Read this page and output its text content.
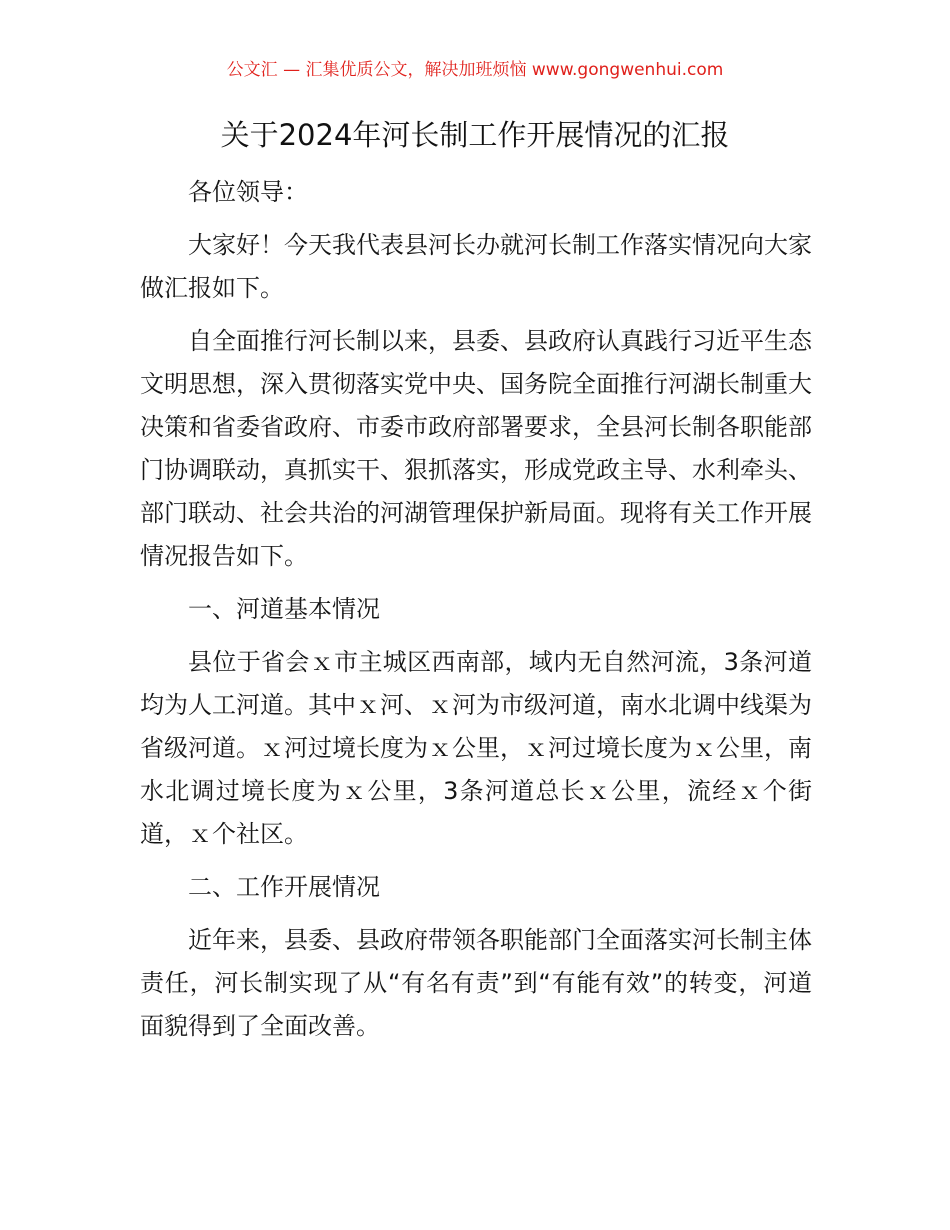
公文汇 — 汇集优质公文，解决加班烦恼 www.gongwenhui.com
关于2024年河长制工作开展情况的汇报

各位领导：

大家好！今天我代表县河长办就河长制工作落实情况向大家做汇报如下。

自全面推行河长制以来，县委、县政府认真践行习近平生态文明思想，深入贯彻落实党中央、国务院全面推行河湖长制重大决策和省委省政府、市委市政府部署要求，全县河长制各职能部门协调联动，真抓实干、狠抓落实，形成党政主导、水利牵头、部门联动、社会共治的河湖管理保护新局面。现将有关工作开展情况报告如下。

一、河道基本情况

县位于省会ｘ市主城区西南部，域内无自然河流，3条河道均为人工河道。其中ｘ河、ｘ河为市级河道，南水北调中线渠为省级河道。ｘ河过境长度为ｘ公里，ｘ河过境长度为ｘ公里，南水北调过境长度为ｘ公里，3条河道总长ｘ公里，流经ｘ个街道，ｘ个社区。

二、工作开展情况

近年来，县委、县政府带领各职能部门全面落实河长制主体责任，河长制实现了从“有名有责”到“有能有效”的转变，河道面貌得到了全面改善。
